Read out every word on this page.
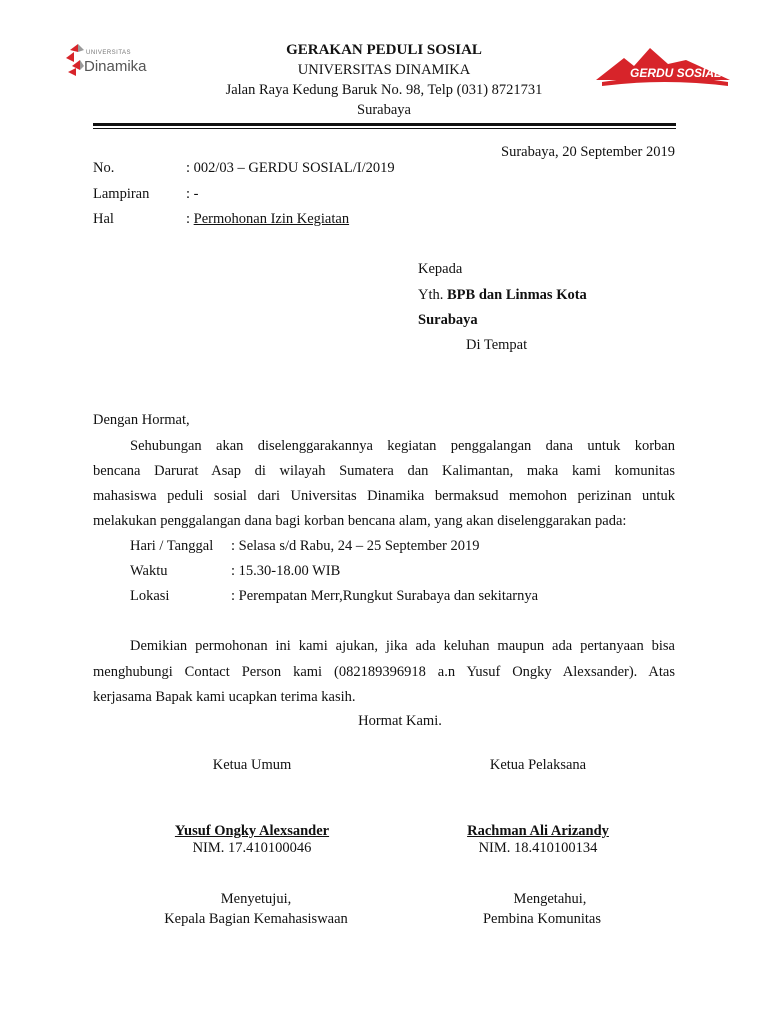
UNIVERSITAS
Dinamika	GERDU SOSIAL
GERAKAN PEDULI SOSIAL
UNIVERSITAS DINAMIKA
Jalan Raya Kedung Baruk No. 98, Telp (031) 8721731
Surabaya
Surabaya, 20 September 2019
No.	: 002/03 – GERDU SOSIAL/I/2019
Lampiran	: -
Hal	: Permohonan Izin Kegiatan
Kepada
Yth. BPB dan Linmas Kota
Surabaya
Di Tempat
Dengan Hormat,
Sehubungan akan diselenggarakannya kegiatan penggalangan dana untuk korban
bencana Darurat Asap di wilayah Sumatera dan Kalimantan, maka kami komunitas
mahasiswa peduli sosial dari Universitas Dinamika bermaksud memohon perizinan untuk
melakukan penggalangan dana bagi korban bencana alam, yang akan diselenggarakan pada:
Hari / Tanggal : Selasa s/d Rabu, 24 – 25 September 2019
Waktu	: 15.30-18.00 WIB
Lokasi	: Perempatan Merr,Rungkut Surabaya dan sekitarnya
Demikian permohonan ini kami ajukan, jika ada keluhan maupun ada pertanyaan bisa
menghubungi Contact Person kami (082189396918 a.n Yusuf Ongky Alexsander). Atas
kerjasama Bapak kami ucapkan terima kasih.
Hormat Kami.
Ketua Umum	Ketua Pelaksana
Yusuf Ongky Alexsander	Rachman Ali Arizandy
NIM. 17.410100046	NIM. 18.410100134
Menyetujui,	Mengetahui,
Kepala Bagian Kemahasiswaan	Pembina Komunitas
